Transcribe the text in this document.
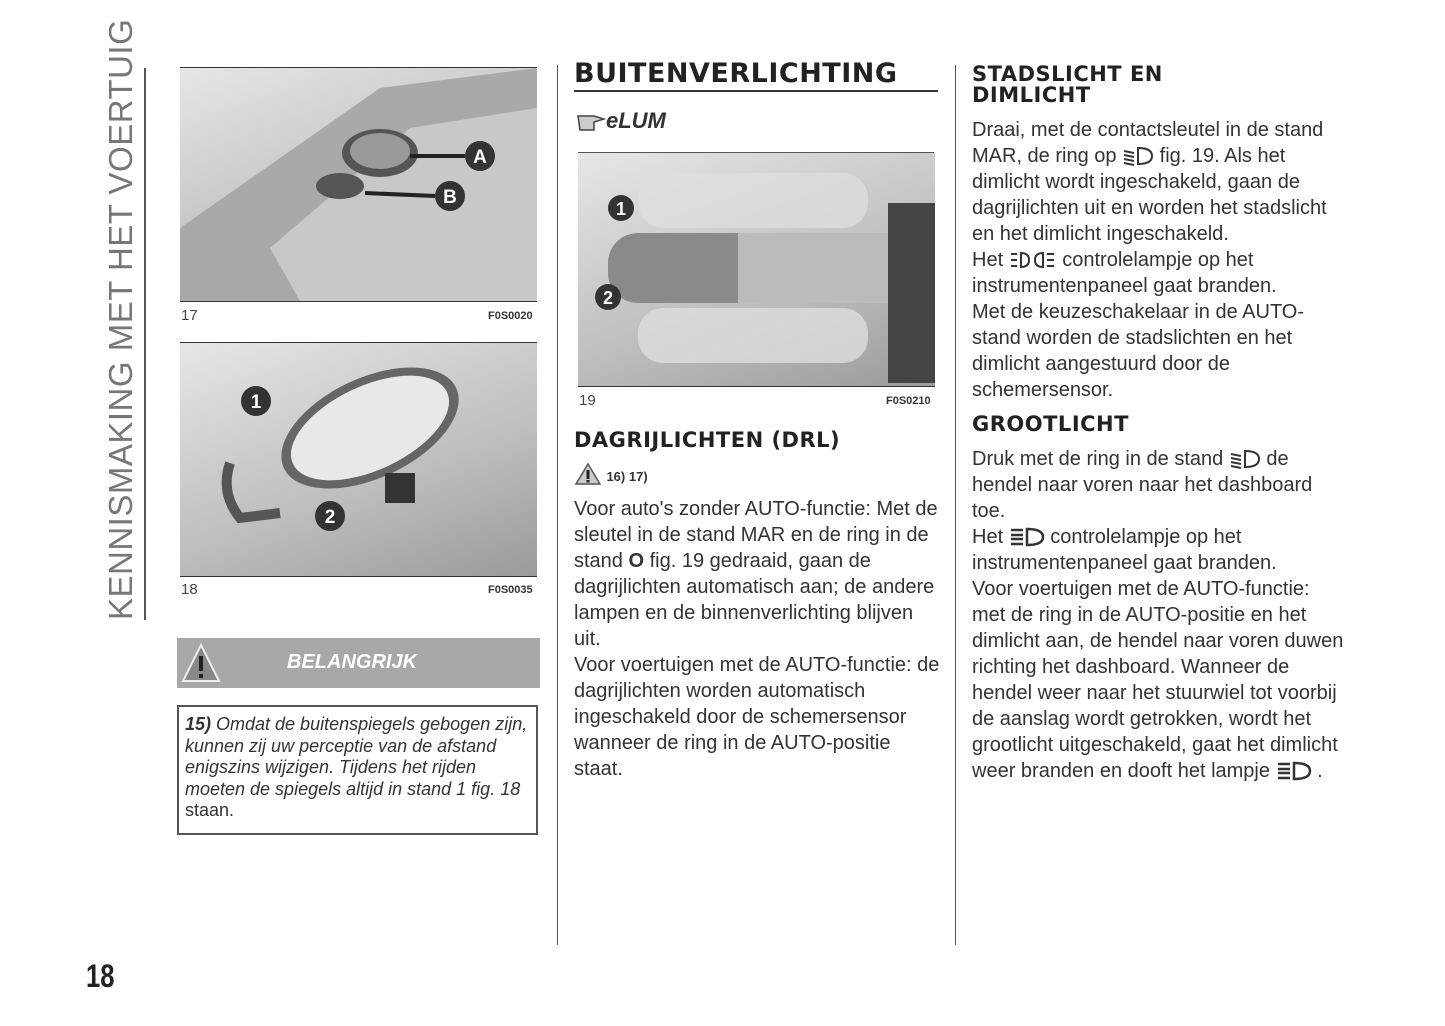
KENNISMAKING MET HET VOERTUIG
18
A
B
17	F0S0020
1
2
18	F0S0035
BELANGRIJK
15) Omdat de buitenspiegels gebogen zijn, kunnen zij uw perceptie van de afstand enigszins wijzigen. Tijdens het rijden moeten de spiegels altijd in stand 1 fig. 18
staan.
BUITENVERLICHTING
eLUM
1
2
19	F0S0210
DAGRIJLICHTEN (DRL)
16) 17)
Voor auto's zonder AUTO-functie: Met de sleutel in de stand MAR en de ring in de stand O fig. 19 gedraaid, gaan de dagrijlichten automatisch aan; de andere lampen en de binnenverlichting blijven uit.
Voor voertuigen met de AUTO-functie: de dagrijlichten worden automatisch ingeschakeld door de schemersensor wanneer de ring in de AUTO-positie staat.
STADSLICHT EN DIMLICHT
Draai, met de contactsleutel in de stand MAR, de ring op  fig. 19. Als het dimlicht wordt ingeschakeld, gaan de dagrijlichten uit en worden het stadslicht en het dimlicht ingeschakeld.
Het  controlelampje op het instrumentenpaneel gaat branden.
Met de keuzeschakelaar in de AUTO-stand worden de stadslichten en het dimlicht aangestuurd door de schemersensor.
GROOTLICHT
Druk met de ring in de stand  de hendel naar voren naar het dashboard toe.
Het  controlelampje op het instrumentenpaneel gaat branden.
Voor voertuigen met de AUTO-functie: met de ring in de AUTO-positie en het dimlicht aan, de hendel naar voren duwen richting het dashboard. Wanneer de hendel weer naar het stuurwiel tot voorbij de aanslag wordt getrokken, wordt het grootlicht uitgeschakeld, gaat het dimlicht weer branden en dooft het lampje  .
